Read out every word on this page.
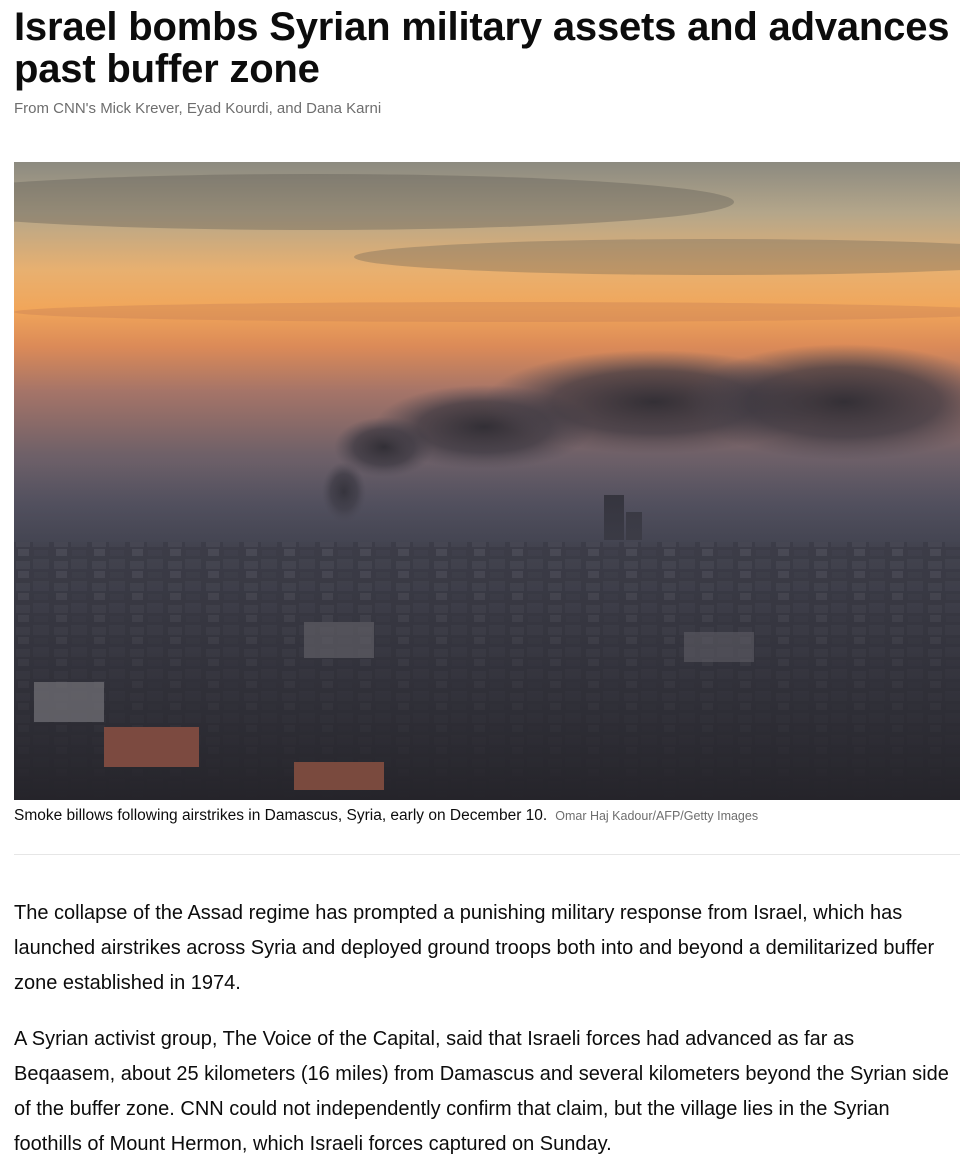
Israel bombs Syrian military assets and advances past buffer zone
From CNN's Mick Krever, Eyad Kourdi, and Dana Karni
Smoke billows following airstrikes in Damascus, Syria, early on December 10. Omar Haj Kadour/AFP/Getty Images

The collapse of the Assad regime has prompted a punishing military response from Israel, which has launched airstrikes across Syria and deployed ground troops both into and beyond a demilitarized buffer zone established in 1974.

A Syrian activist group, The Voice of the Capital, said that Israeli forces had advanced as far as Beqaasem, about 25 kilometers (16 miles) from Damascus and several kilometers beyond the Syrian side of the buffer zone. CNN could not independently confirm that claim, but the village lies in the Syrian foothills of Mount Hermon, which Israeli forces captured on Sunday.
